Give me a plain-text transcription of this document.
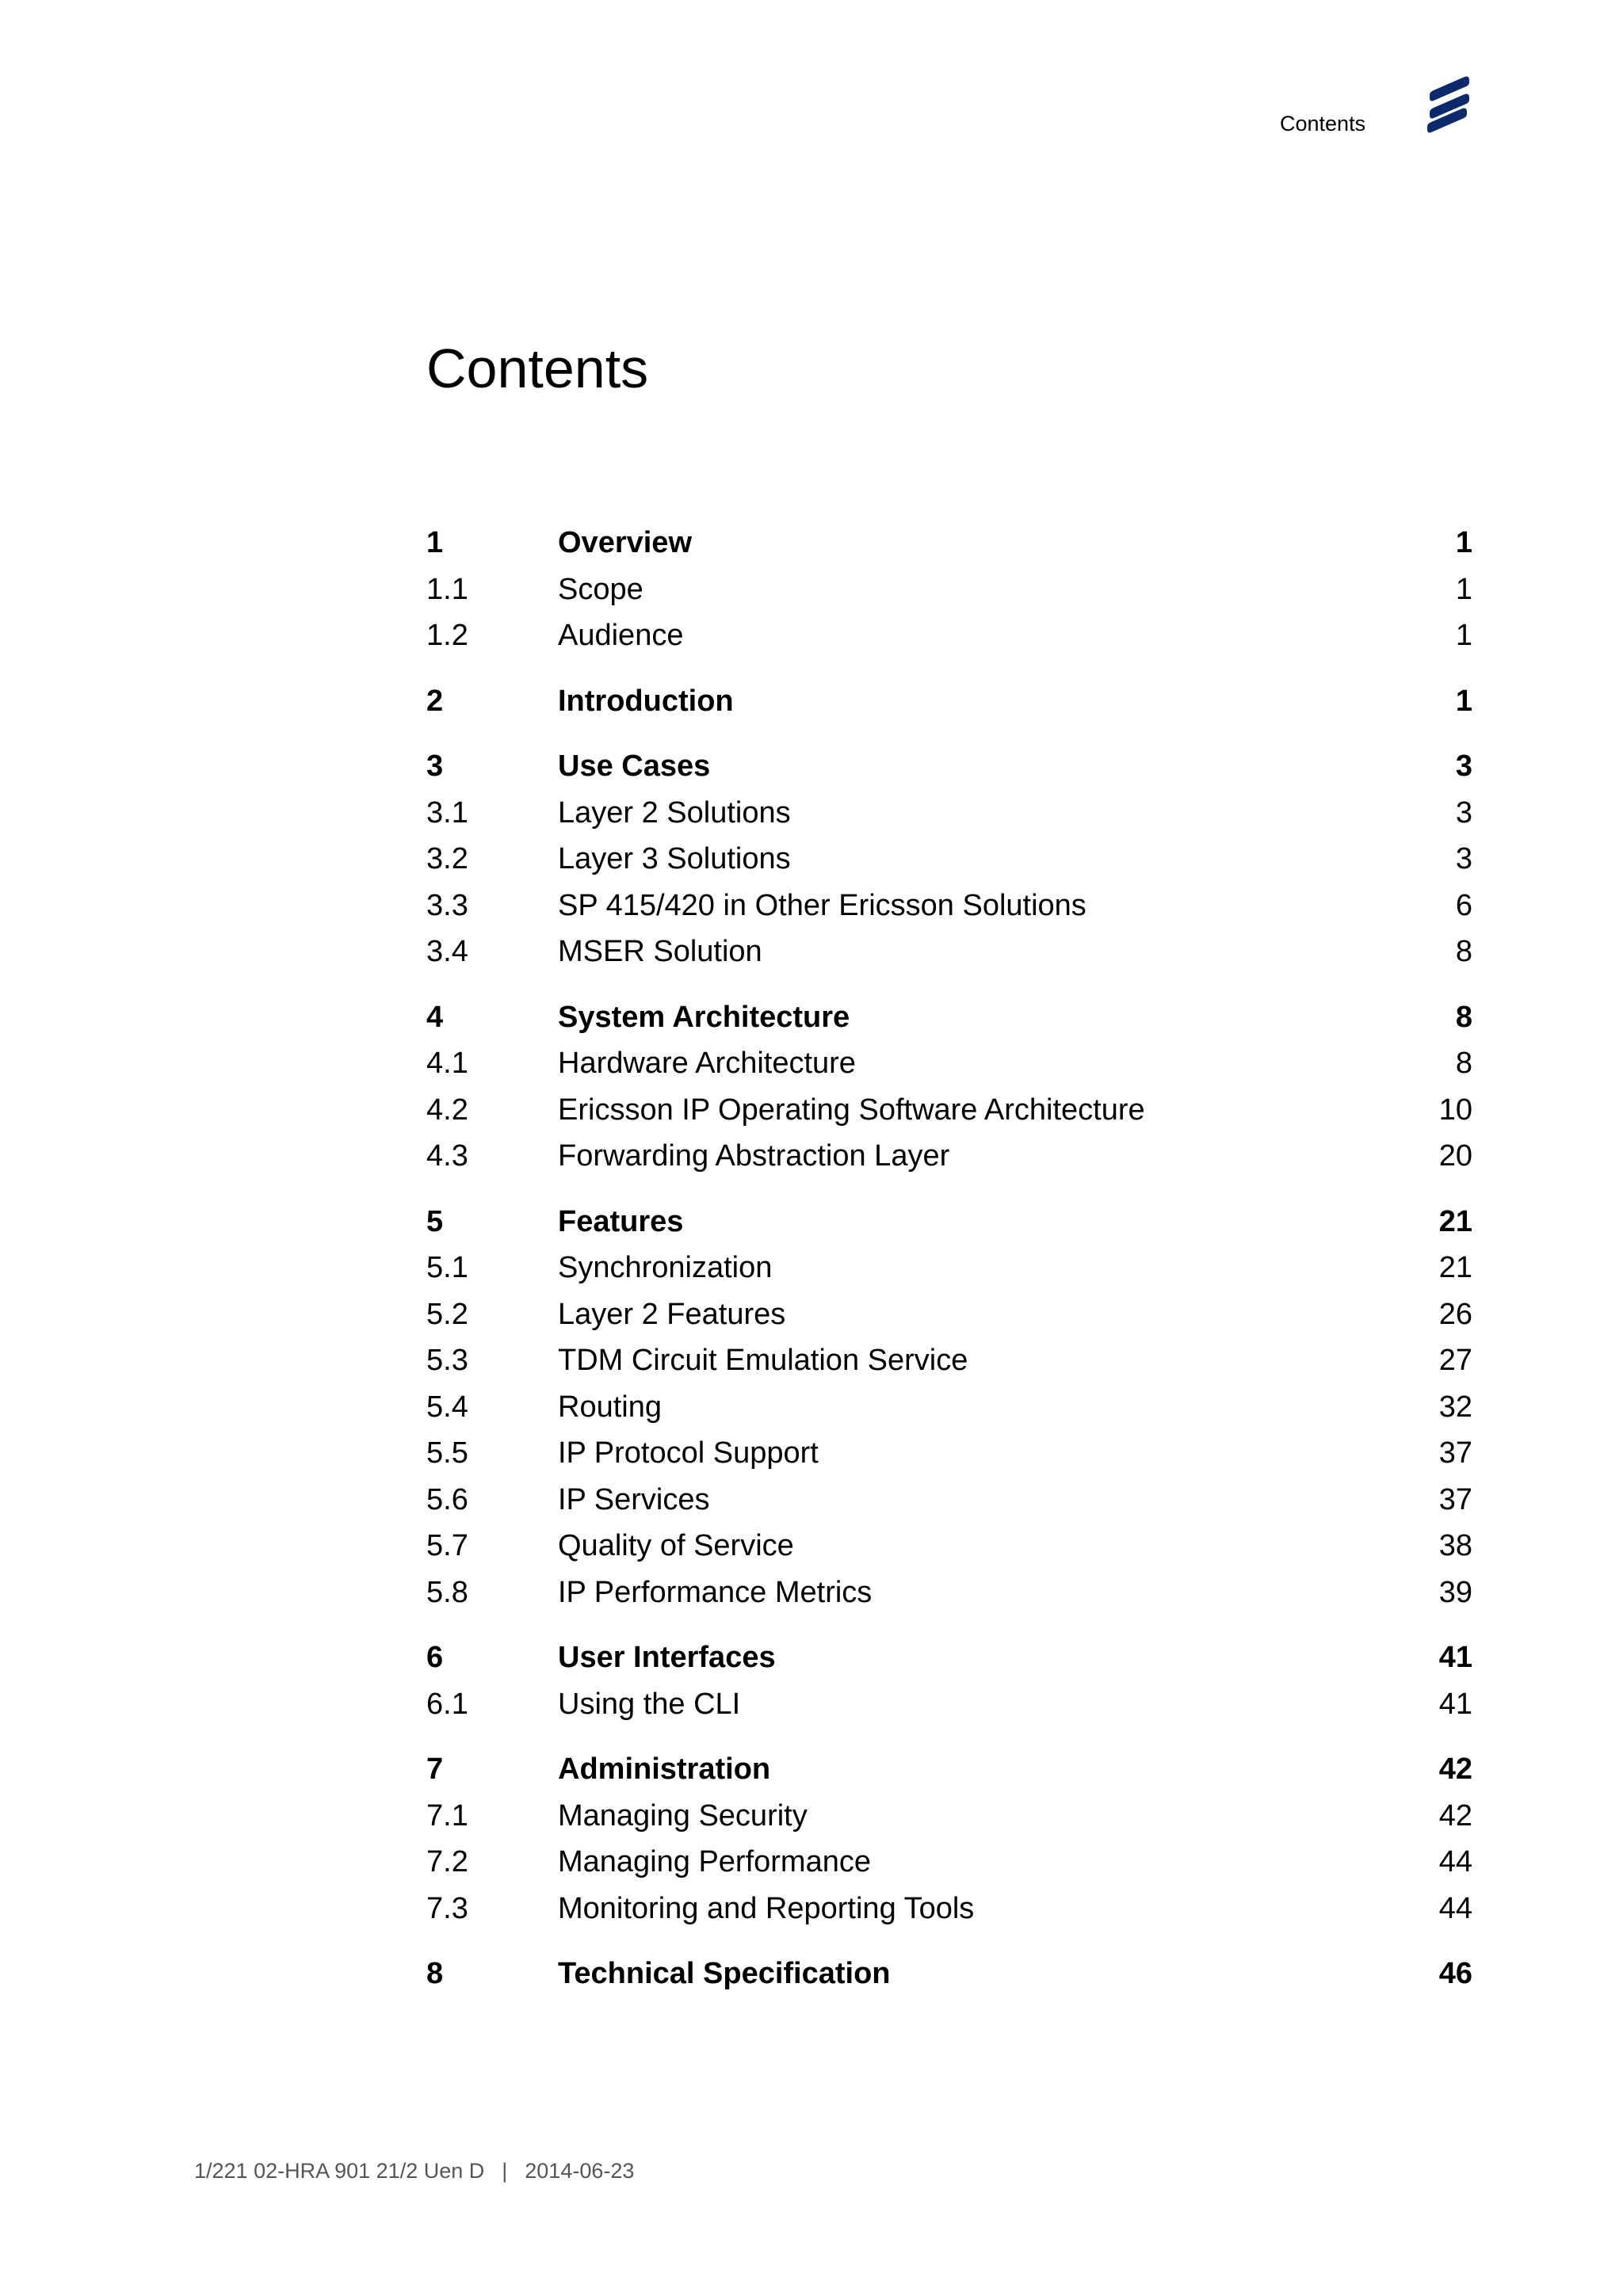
Contents
Contents
1	Overview	1
1.1	Scope	1
1.2	Audience	1
2	Introduction	1
3	Use Cases	3
3.1	Layer 2 Solutions	3
3.2	Layer 3 Solutions	3
3.3	SP 415/420 in Other Ericsson Solutions	6
3.4	MSER Solution	8
4	System Architecture	8
4.1	Hardware Architecture	8
4.2	Ericsson IP Operating Software Architecture	10
4.3	Forwarding Abstraction Layer	20
5	Features	21
5.1	Synchronization	21
5.2	Layer 2 Features	26
5.3	TDM Circuit Emulation Service	27
5.4	Routing	32
5.5	IP Protocol Support	37
5.6	IP Services	37
5.7	Quality of Service	38
5.8	IP Performance Metrics	39
6	User Interfaces	41
6.1	Using the CLI	41
7	Administration	42
7.1	Managing Security	42
7.2	Managing Performance	44
7.3	Monitoring and Reporting Tools	44
8	Technical Specification	46
1/221 02-HRA 901 21/2 Uen D | 2014-06-23
